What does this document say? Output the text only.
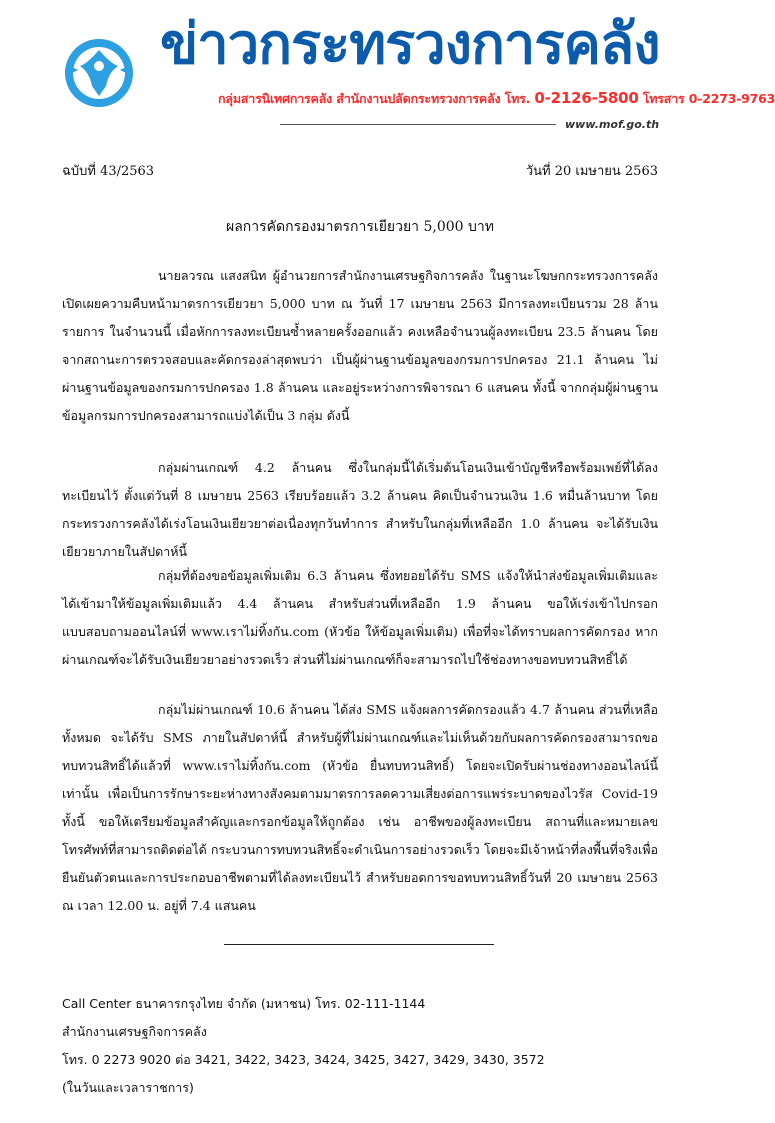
ข่าวกระทรวงการคลัง
กลุ่มสารนิเทศการคลัง สำนักงานปลัดกระทรวงการคลัง โทร. 0-2126-5800 โทรสาร 0-2273-9763
www.mof.go.th
ฉบับที่ 43/2563	วันที่ 20 เมษายน 2563
ผลการคัดกรองมาตรการเยียวยา 5,000 บาท
นายลวรณ แสงสนิท ผู้อำนวยการสำนักงานเศรษฐกิจการคลัง ในฐานะโฆษกกระทรวงการคลัง เปิดเผยความคืบหน้ามาตรการเยียวยา 5,000 บาท ณ วันที่ 17 เมษายน 2563 มีการลงทะเบียนรวม 28 ล้านรายการ ในจำนวนนี้ เมื่อหักการลงทะเบียนซ้ำหลายครั้งออกแล้ว คงเหลือจำนวนผู้ลงทะเบียน 23.5 ล้านคน โดยจากสถานะการตรวจสอบและคัดกรองล่าสุดพบว่า เป็นผู้ผ่านฐานข้อมูลของกรมการปกครอง 21.1 ล้านคน ไม่ผ่านฐานข้อมูลของกรมการปกครอง 1.8 ล้านคน และอยู่ระหว่างการพิจารณา 6 แสนคน ทั้งนี้ จากกลุ่มผู้ผ่านฐานข้อมูลกรมการปกครองสามารถแบ่งได้เป็น 3 กลุ่ม ดังนี้
กลุ่มผ่านเกณฑ์ 4.2 ล้านคน ซึ่งในกลุ่มนี้ได้เริ่มต้นโอนเงินเข้าบัญชีหรือพร้อมเพย์ที่ได้ลงทะเบียนไว้ ตั้งแต่วันที่ 8 เมษายน 2563 เรียบร้อยแล้ว 3.2 ล้านคน คิดเป็นจำนวนเงิน 1.6 หมื่นล้านบาท โดยกระทรวงการคลังได้เร่งโอนเงินเยียวยาต่อเนื่องทุกวันทำการ สำหรับในกลุ่มที่เหลืออีก 1.0 ล้านคน จะได้รับเงินเยียวยาภายในสัปดาห์นี้
กลุ่มที่ต้องขอข้อมูลเพิ่มเติม 6.3 ล้านคน ซึ่งทยอยได้รับ SMS แจ้งให้นำส่งข้อมูลเพิ่มเติมและได้เข้ามาให้ข้อมูลเพิ่มเติมแล้ว 4.4 ล้านคน สำหรับส่วนที่เหลืออีก 1.9 ล้านคน ขอให้เร่งเข้าไปกรอกแบบสอบถามออนไลน์ที่ www.เราไม่ทิ้งกัน.com (หัวข้อ ให้ข้อมูลเพิ่มเติม) เพื่อที่จะได้ทราบผลการคัดกรอง หากผ่านเกณฑ์จะได้รับเงินเยียวยาอย่างรวดเร็ว ส่วนที่ไม่ผ่านเกณฑ์ก็จะสามารถไปใช้ช่องทางขอทบทวนสิทธิ์ได้
กลุ่มไม่ผ่านเกณฑ์ 10.6 ล้านคน ได้ส่ง SMS แจ้งผลการคัดกรองแล้ว 4.7 ล้านคน ส่วนที่เหลือทั้งหมด จะได้รับ SMS ภายในสัปดาห์นี้ สำหรับผู้ที่ไม่ผ่านเกณฑ์และไม่เห็นด้วยกับผลการคัดกรองสามารถขอทบทวนสิทธิ์ได้แล้วที่ www.เราไม่ทิ้งกัน.com (หัวข้อ ยื่นทบทวนสิทธิ์) โดยจะเปิดรับผ่านช่องทางออนไลน์นี้เท่านั้น เพื่อเป็นการรักษาระยะห่างทางสังคมตามมาตรการลดความเสี่ยงต่อการแพร่ระบาดของไวรัส Covid-19 ทั้งนี้ ขอให้เตรียมข้อมูลสำคัญและกรอกข้อมูลให้ถูกต้อง เช่น อาชีพของผู้ลงทะเบียน สถานที่และหมายเลขโทรศัพท์ที่สามารถติดต่อได้ กระบวนการทบทวนสิทธิ์จะดำเนินการอย่างรวดเร็ว โดยจะมีเจ้าหน้าที่ลงพื้นที่จริงเพื่อยืนยันตัวตนและการประกอบอาชีพตามที่ได้ลงทะเบียนไว้ สำหรับยอดการขอทบทวนสิทธิ์วันที่ 20 เมษายน 2563 ณ เวลา 12.00 น. อยู่ที่ 7.4 แสนคน
Call Center ธนาคารกรุงไทย จำกัด (มหาชน) โทร. 02-111-1144
สำนักงานเศรษฐกิจการคลัง
โทร. 0 2273 9020 ต่อ 3421, 3422, 3423, 3424, 3425, 3427, 3429, 3430, 3572
(ในวันและเวลาราชการ)
